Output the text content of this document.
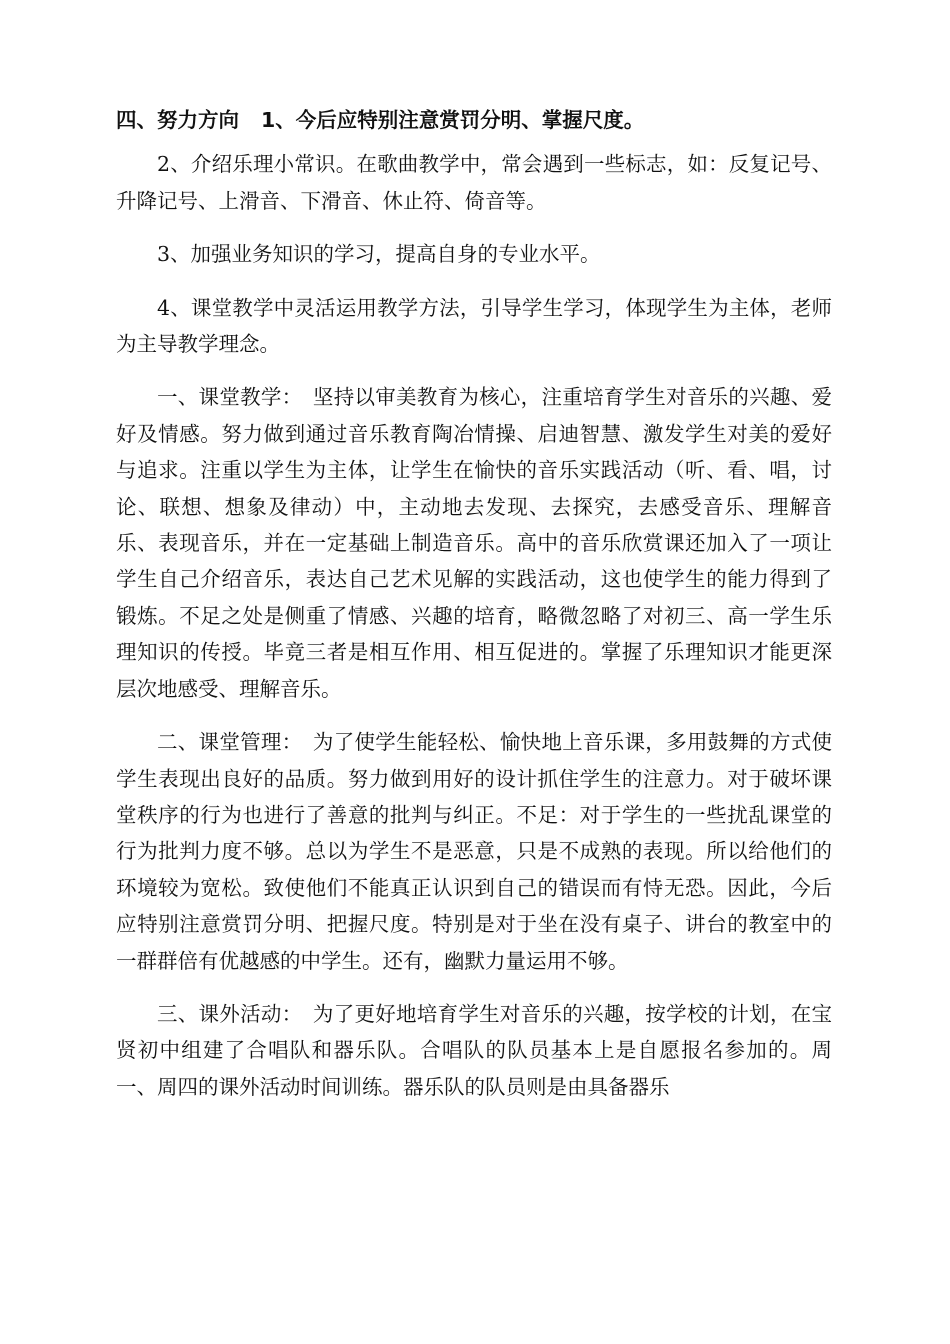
四、努力方向 1、今后应特别注意赏罚分明、掌握尺度。

2、介绍乐理小常识。在歌曲教学中，常会遇到一些标志，如：反复记号、升降记号、上滑音、下滑音、休止符、倚音等。

3、加强业务知识的学习，提高自身的专业水平。

4、课堂教学中灵活运用教学方法，引导学生学习，体现学生为主体，老师为主导教学理念。

一、课堂教学：　坚持以审美教育为核心，注重培育学生对音乐的兴趣、爱好及情感。努力做到通过音乐教育陶冶情操、启迪智慧、激发学生对美的爱好与追求。注重以学生为主体，让学生在愉快的音乐实践活动（听、看、唱，讨论、联想、想象及律动）中，主动地去发现、去探究，去感受音乐、理解音乐、表现音乐，并在一定基础上制造音乐。高中的音乐欣赏课还加入了一项让学生自己介绍音乐，表达自己艺术见解的实践活动，这也使学生的能力得到了锻炼。不足之处是侧重了情感、兴趣的培育，略微忽略了对初三、高一学生乐理知识的传授。毕竟三者是相互作用、相互促进的。掌握了乐理知识才能更深层次地感受、理解音乐。

二、课堂管理：　为了使学生能轻松、愉快地上音乐课，多用鼓舞的方式使学生表现出良好的品质。努力做到用好的设计抓住学生的注意力。对于破坏课堂秩序的行为也进行了善意的批判与纠正。不足：对于学生的一些扰乱课堂的行为批判力度不够。总以为学生不是恶意，只是不成熟的表现。所以给他们的环境较为宽松。致使他们不能真正认识到自己的错误而有恃无恐。因此，今后应特别注意赏罚分明、把握尺度。特别是对于坐在没有桌子、讲台的教室中的一群群倍有优越感的中学生。还有，幽默力量运用不够。

三、课外活动：　为了更好地培育学生对音乐的兴趣，按学校的计划，在宝贤初中组建了合唱队和器乐队。合唱队的队员基本上是自愿报名参加的。周一、周四的课外活动时间训练。器乐队的队员则是由具备器乐
